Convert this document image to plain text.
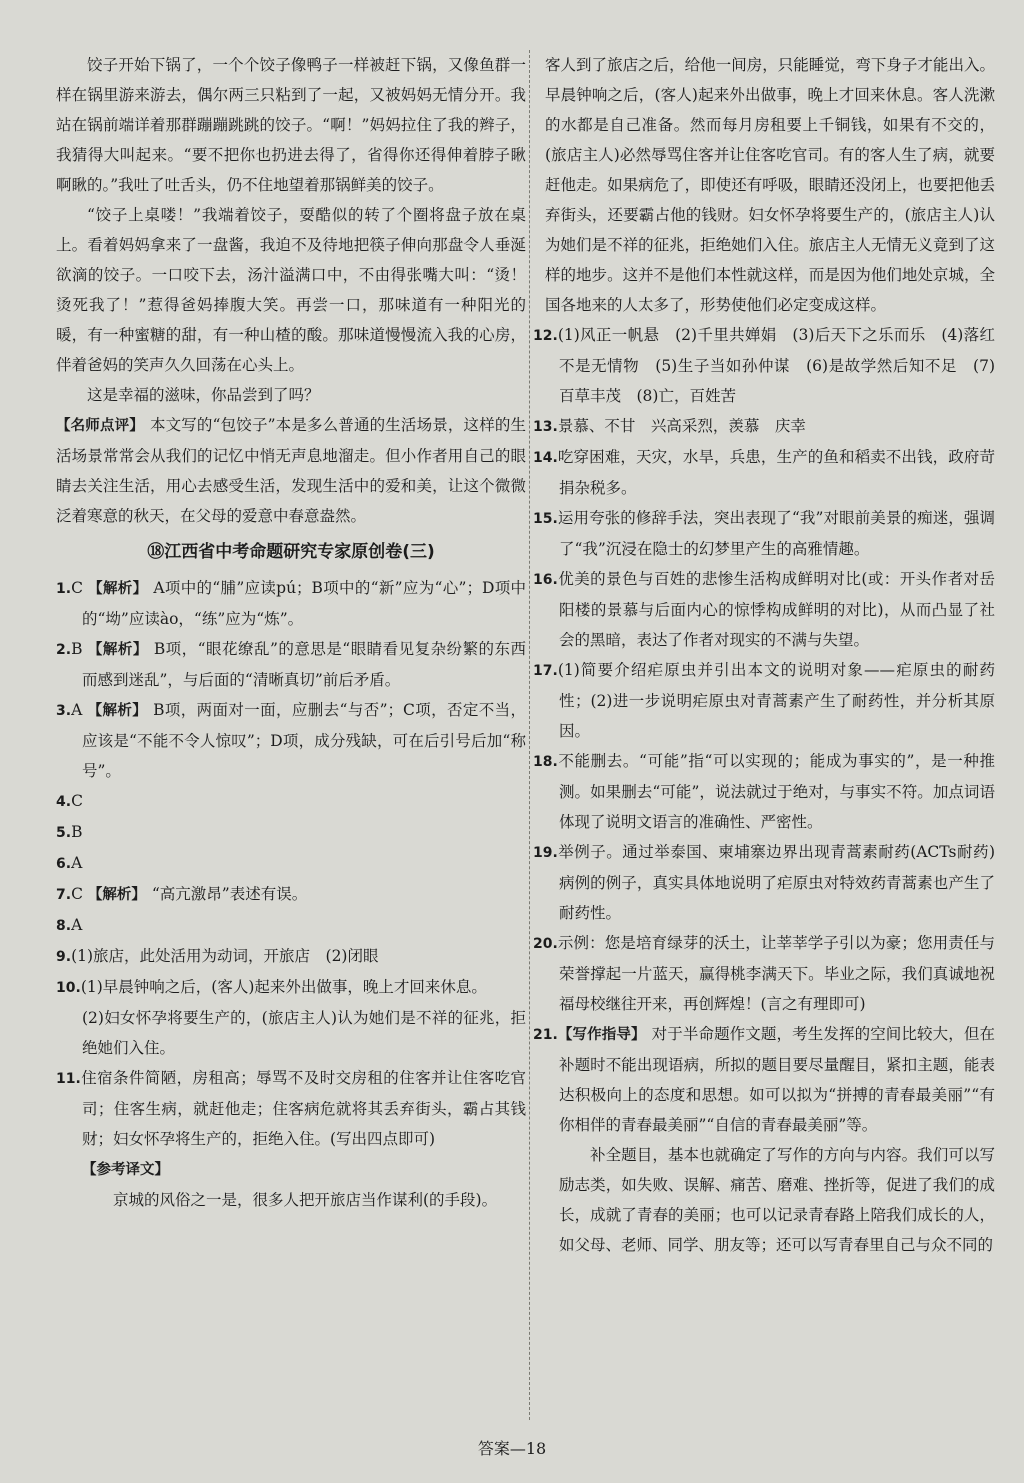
饺子开始下锅了，一个个饺子像鸭子一样被赶下锅，又像鱼群一样在锅里游来游去，偶尔两三只粘到了一起，又被妈妈无情分开。我站在锅前端详着那群蹦蹦跳跳的饺子。“啊！”妈妈拉住了我的辫子，我猜得大叫起来。“要不把你也扔进去得了，省得你还得伸着脖子瞅啊瞅的。”我吐了吐舌头，仍不住地望着那锅鲜美的饺子。

“饺子上桌喽！”我端着饺子，耍酷似的转了个圈将盘子放在桌上。看着妈妈拿来了一盘酱，我迫不及待地把筷子伸向那盘令人垂涎欲滴的饺子。一口咬下去，汤汁溢满口中，不由得张嘴大叫：“烫！烫死我了！”惹得爸妈捧腹大笑。再尝一口，那味道有一种阳光的暖，有一种蜜糖的甜，有一种山楂的酸。那味道慢慢流入我的心房，伴着爸妈的笑声久久回荡在心头上。

这是幸福的滋味，你品尝到了吗？

【名师点评】 本文写的“包饺子”本是多么普通的生活场景，这样的生活场景常常会从我们的记忆中悄无声息地溜走。但小作者用自己的眼睛去关注生活，用心去感受生活，发现生活中的爱和美，让这个微微泛着寒意的秋天，在父母的爱意中春意盎然。

⑱江西省中考命题研究专家原创卷(三)

1.C 【解析】 A项中的“脯”应读pú；B项中的“新”应为“心”；D项中的“坳”应读ào，“练”应为“炼”。

2.B 【解析】 B项，“眼花缭乱”的意思是“眼睛看见复杂纷繁的东西而感到迷乱”，与后面的“清晰真切”前后矛盾。

3.A 【解析】 B项，两面对一面，应删去“与否”；C项，否定不当，应该是“不能不令人惊叹”；D项，成分残缺，可在后引号后加“称号”。

4.C

5.B

6.A

7.C 【解析】 “高亢激昂”表述有误。

8.A

9.(1)旅店，此处活用为动词，开旅店　(2)闭眼

10.(1)早晨钟响之后，(客人)起来外出做事，晚上才回来休息。

(2)妇女怀孕将要生产的，(旅店主人)认为她们是不祥的征兆，拒绝她们入住。

11.住宿条件简陋，房租高；辱骂不及时交房租的住客并让住客吃官司；住客生病，就赶他走；住客病危就将其丢弃街头，霸占其钱财；妇女怀孕将生产的，拒绝入住。(写出四点即可)

【参考译文】

京城的风俗之一是，很多人把开旅店当作谋利(的手段)。

客人到了旅店之后，给他一间房，只能睡觉，弯下身子才能出入。早晨钟响之后，(客人)起来外出做事，晚上才回来休息。客人洗漱的水都是自己准备。然而每月房租要上千铜钱，如果有不交的，(旅店主人)必然辱骂住客并让住客吃官司。有的客人生了病，就要赶他走。如果病危了，即使还有呼吸，眼睛还没闭上，也要把他丢弃街头，还要霸占他的钱财。妇女怀孕将要生产的，(旅店主人)认为她们是不祥的征兆，拒绝她们入住。旅店主人无情无义竟到了这样的地步。这并不是他们本性就这样，而是因为他们地处京城，全国各地来的人太多了，形势使他们必定变成这样。

12.(1)风正一帆悬　(2)千里共婵娟　(3)后天下之乐而乐　(4)落红不是无情物　(5)生子当如孙仲谋　(6)是故学然后知不足　(7)百草丰茂　(8)亡，百姓苦

13.景慕、不甘　兴高采烈，羡慕　庆幸

14.吃穿困难，天灾，水旱，兵患，生产的鱼和稻卖不出钱，政府苛捐杂税多。

15.运用夸张的修辞手法，突出表现了“我”对眼前美景的痴迷，强调了“我”沉浸在隐士的幻梦里产生的高雅情趣。

16.优美的景色与百姓的悲惨生活构成鲜明对比(或：开头作者对岳阳楼的景慕与后面内心的惊悸构成鲜明的对比)，从而凸显了社会的黑暗，表达了作者对现实的不满与失望。

17.(1)简要介绍疟原虫并引出本文的说明对象——疟原虫的耐药性；(2)进一步说明疟原虫对青蒿素产生了耐药性，并分析其原因。

18.不能删去。“可能”指“可以实现的；能成为事实的”，是一种推测。如果删去“可能”，说法就过于绝对，与事实不符。加点词语体现了说明文语言的准确性、严密性。

19.举例子。通过举泰国、柬埔寨边界出现青蒿素耐药(ACTs耐药)病例的例子，真实具体地说明了疟原虫对特效药青蒿素也产生了耐药性。

20.示例：您是培育绿芽的沃土，让莘莘学子引以为豪；您用责任与荣誉撑起一片蓝天，赢得桃李满天下。毕业之际，我们真诚地祝福母校继往开来，再创辉煌！(言之有理即可)

21.【写作指导】 对于半命题作文题，考生发挥的空间比较大，但在补题时不能出现语病，所拟的题目要尽量醒目，紧扣主题，能表达积极向上的态度和思想。如可以拟为“拼搏的青春最美丽”“有你相伴的青春最美丽”“自信的青春最美丽”等。

补全题目，基本也就确定了写作的方向与内容。我们可以写励志类，如失败、误解、痛苦、磨难、挫折等，促进了我们的成长，成就了青春的美丽；也可以记录青春路上陪我们成长的人，如父母、老师、同学、朋友等；还可以写青春里自己与众不同的

答案—18
